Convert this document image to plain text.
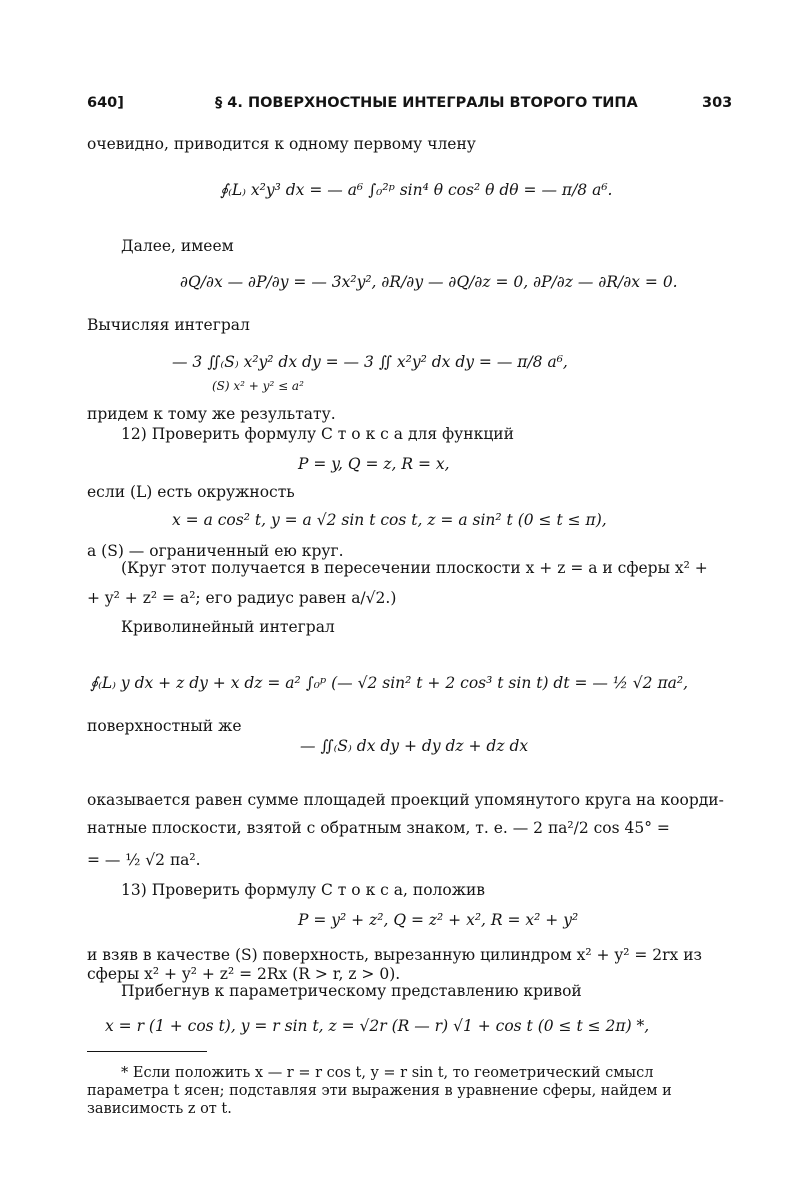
640]	§ 4. ПОВЕРХНОСТНЫЕ ИНТЕГРАЛЫ ВТОРОГО ТИПА	303
очевидно, приводится к одному первому члену
∮₍L₎ x²y³ dx = — a⁶ ∫₀²ᵖ sin⁴ θ cos² θ dθ = — π/8 a⁶.
Далее, имеем
∂Q/∂x — ∂P/∂y = — 3x²y², ∂R/∂y — ∂Q/∂z = 0, ∂P/∂z — ∂R/∂x = 0.
Вычисляя интеграл
— 3 ∬₍S₎ x²y² dx dy = — 3 ∬ x²y² dx dy = — π/8 a⁶,
(S) x² + y² ≤ a²
придем к тому же результату.
12) Проверить формулу С т о к с а для функций
P = y, Q = z, R = x,
если (L) есть окружность
x = a cos² t, y = a √2 sin t cos t, z = a sin² t (0 ≤ t ≤ π),
а (S) — ограниченный ею круг.
(Круг этот получается в пересечении плоскости x + z = a и сферы x² +
+ y² + z² = a²; его радиус равен a/√2.)
Криволинейный интеграл
∮₍L₎ y dx + z dy + x dz = a² ∫₀ᵖ (— √2 sin² t + 2 cos³ t sin t) dt = — ½ √2 πa²,
поверхностный же
— ∬₍S₎ dx dy + dy dz + dz dx
оказывается равен сумме площадей проекций упомянутого круга на коорди-
натные плоскости, взятой с обратным знаком, т. е. — 2 πa²/2 cos 45° =
= — ½ √2 πa².
13) Проверить формулу С т о к с а, положив
P = y² + z², Q = z² + x², R = x² + y²
и взяв в качестве (S) поверхность, вырезанную цилиндром x² + y² = 2rx из
сферы x² + y² + z² = 2Rx (R > r, z > 0).
Прибегнув к параметрическому представлению кривой
x = r (1 + cos t), y = r sin t, z = √2r (R — r) √1 + cos t (0 ≤ t ≤ 2π) *,
* Если положить x — r = r cos t, y = r sin t, то геометрический смысл
параметра t ясен; подставляя эти выражения в уравнение сферы, найдем и
зависимость z от t.
